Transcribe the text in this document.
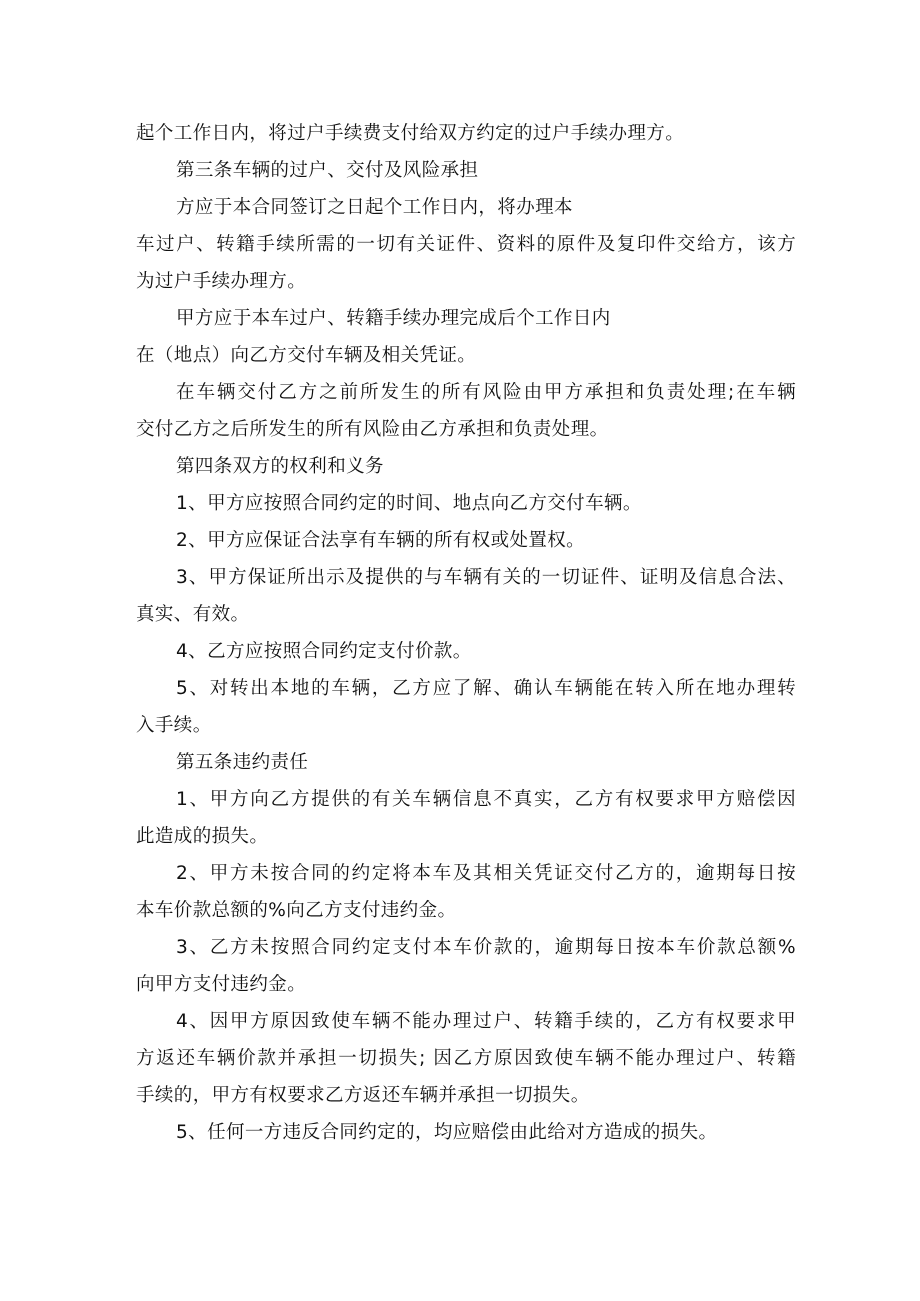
起个工作日内，将过户手续费支付给双方约定的过户手续办理方。
第三条车辆的过户、交付及风险承担
方应于本合同签订之日起个工作日内，将办理本
车过户、转籍手续所需的一切有关证件、资料的原件及复印件交给方，该方
为过户手续办理方。
甲方应于本车过户、转籍手续办理完成后个工作日内
在（地点）向乙方交付车辆及相关凭证。
在车辆交付乙方之前所发生的所有风险由甲方承担和负责处理;在车辆
交付乙方之后所发生的所有风险由乙方承担和负责处理。
第四条双方的权利和义务
1、甲方应按照合同约定的时间、地点向乙方交付车辆。
2、甲方应保证合法享有车辆的所有权或处置权。
3、甲方保证所出示及提供的与车辆有关的一切证件、证明及信息合法、
真实、有效。
4、乙方应按照合同约定支付价款。
5、对转出本地的车辆，乙方应了解、确认车辆能在转入所在地办理转
入手续。
第五条违约责任
1、甲方向乙方提供的有关车辆信息不真实，乙方有权要求甲方赔偿因
此造成的损失。
2、甲方未按合同的约定将本车及其相关凭证交付乙方的，逾期每日按
本车价款总额的%向乙方支付违约金。
3、乙方未按照合同约定支付本车价款的，逾期每日按本车价款总额%
向甲方支付违约金。
4、因甲方原因致使车辆不能办理过户、转籍手续的，乙方有权要求甲
方返还车辆价款并承担一切损失; 因乙方原因致使车辆不能办理过户、转籍
手续的，甲方有权要求乙方返还车辆并承担一切损失。
5、任何一方违反合同约定的，均应赔偿由此给对方造成的损失。
